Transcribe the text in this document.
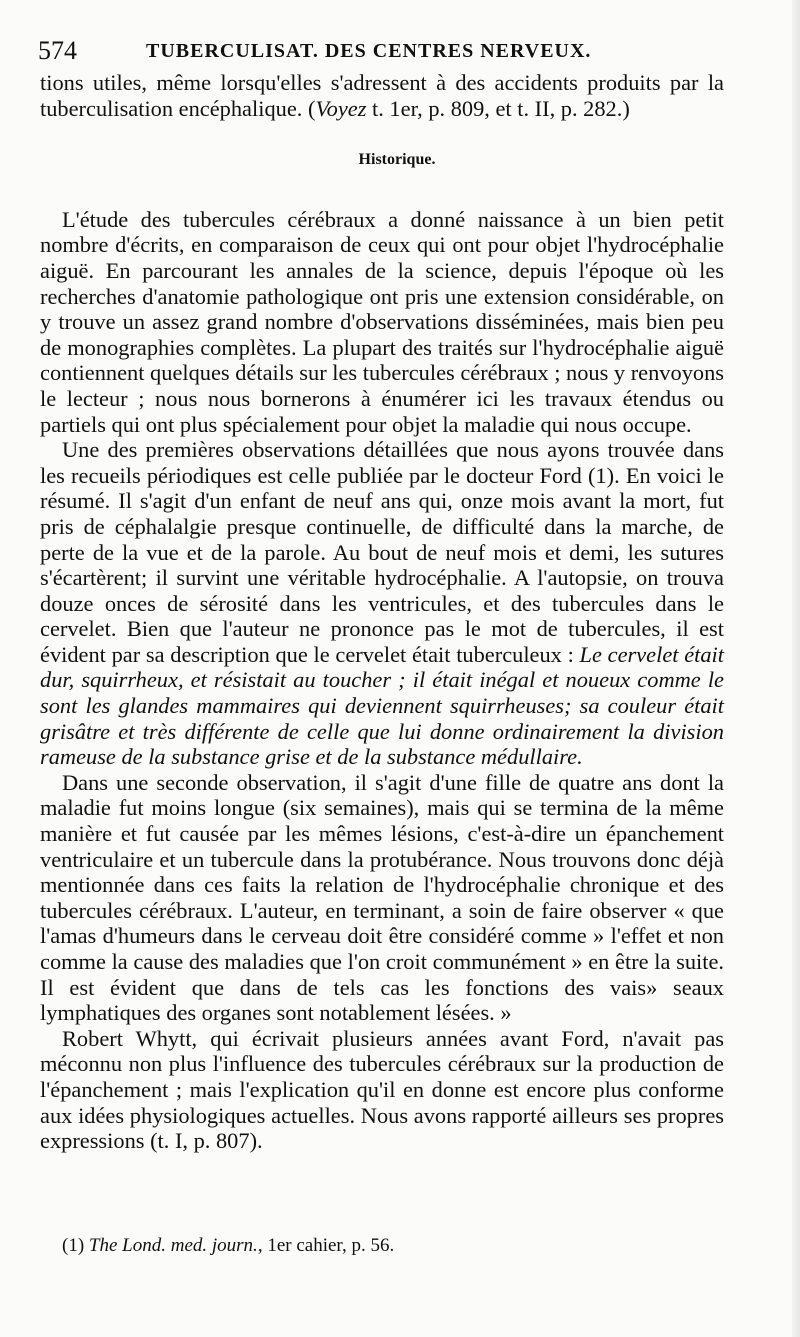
574	TUBERCULISAT. DES CENTRES NERVEUX.

tions utiles, même lorsqu'elles s'adressent à des accidents produits par la tuberculisation encéphalique. (Voyez t. 1er, p. 809, et t. II, p. 282.)

Historique.

L'étude des tubercules cérébraux a donné naissance à un bien petit nombre d'écrits, en comparaison de ceux qui ont pour objet l'hydrocéphalie aiguë. En parcourant les annales de la science, depuis l'époque où les recherches d'anatomie pathologique ont pris une extension considérable, on y trouve un assez grand nombre d'observations disséminées, mais bien peu de monographies complètes. La plupart des traités sur l'hydrocéphalie aiguë contiennent quelques détails sur les tubercules cérébraux ; nous y renvoyons le lecteur ; nous nous bornerons à énumérer ici les travaux étendus ou partiels qui ont plus spécialement pour objet la maladie qui nous occupe.

Une des premières observations détaillées que nous ayons trouvée dans les recueils périodiques est celle publiée par le docteur Ford (1). En voici le résumé. Il s'agit d'un enfant de neuf ans qui, onze mois avant la mort, fut pris de céphalalgie presque continuelle, de difficulté dans la marche, de perte de la vue et de la parole. Au bout de neuf mois et demi, les sutures s'écartèrent; il survint une véritable hydrocéphalie. A l'autopsie, on trouva douze onces de sérosité dans les ventricules, et des tubercules dans le cervelet. Bien que l'auteur ne prononce pas le mot de tubercules, il est évident par sa description que le cervelet était tuberculeux : Le cervelet était dur, squirrheux, et résistait au toucher ; il était inégal et noueux comme le sont les glandes mammaires qui deviennent squirrheuses; sa couleur était grisâtre et très différente de celle que lui donne ordinairement la division rameuse de la substance grise et de la substance médullaire.

Dans une seconde observation, il s'agit d'une fille de quatre ans dont la maladie fut moins longue (six semaines), mais qui se termina de la même manière et fut causée par les mêmes lésions, c'est-à-dire un épanchement ventriculaire et un tubercule dans la protubérance. Nous trouvons donc déjà mentionnée dans ces faits la relation de l'hydrocéphalie chronique et des tubercules cérébraux. L'auteur, en terminant, a soin de faire observer « que l'amas d'humeurs dans le cerveau doit être considéré comme » l'effet et non comme la cause des maladies que l'on croit communément » en être la suite. Il est évident que dans de tels cas les fonctions des vais» seaux lymphatiques des organes sont notablement lésées. »

Robert Whytt, qui écrivait plusieurs années avant Ford, n'avait pas méconnu non plus l'influence des tubercules cérébraux sur la production de l'épanchement ; mais l'explication qu'il en donne est encore plus conforme aux idées physiologiques actuelles. Nous avons rapporté ailleurs ses propres expressions (t. I, p. 807).

(1) The Lond. med. journ., 1er cahier, p. 56.
